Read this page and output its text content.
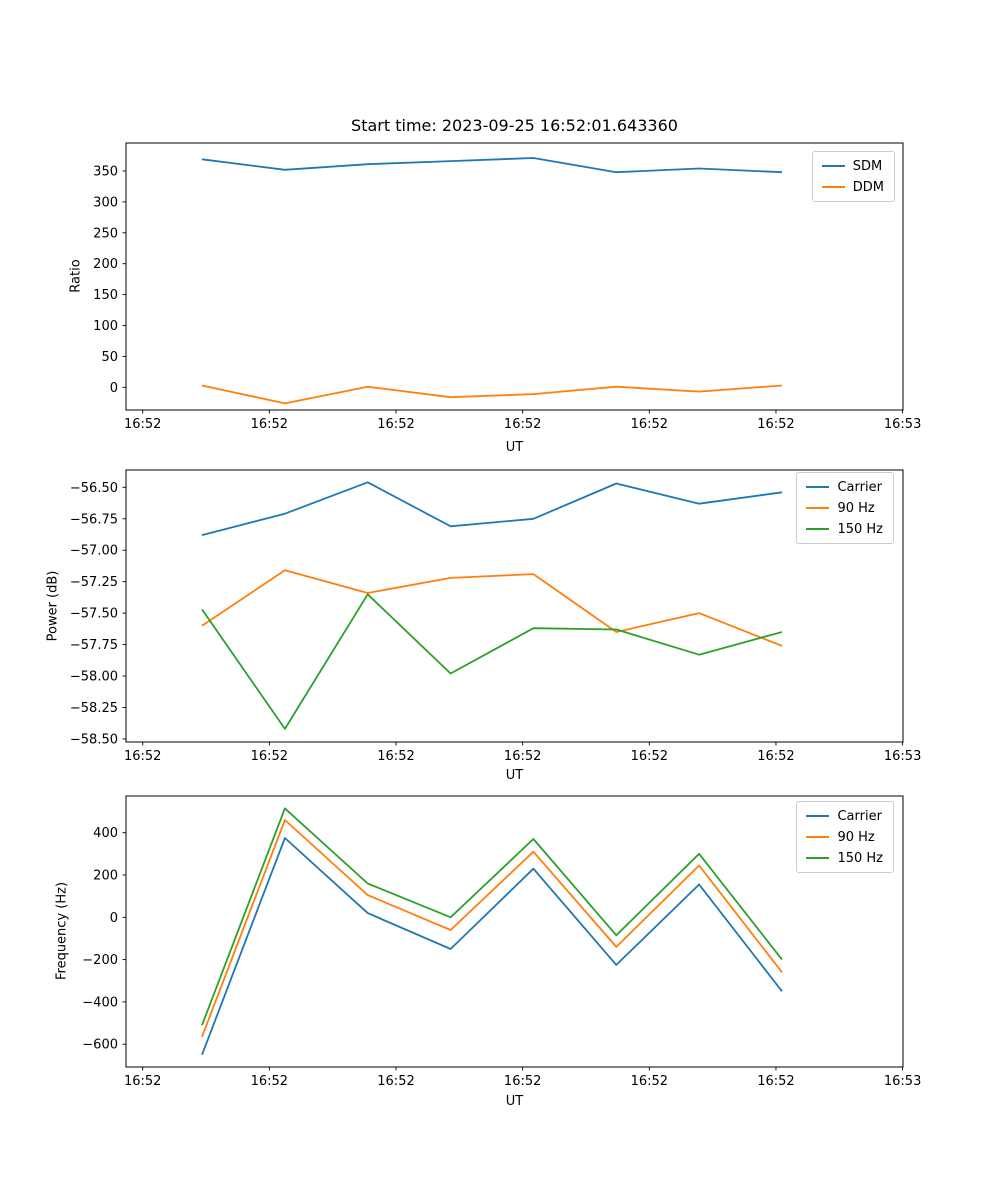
16:52	16:52	16:52	16:52	16:52	16:52	16:53
0
50
100
150
200
250
300
350
16:52	16:52	16:52	16:52	16:52	16:52	16:53
−56.50
−56.75
−57.00
−57.25
−57.50
−57.75
−58.00
−58.25
−58.50
16:52	16:52	16:52	16:52	16:52	16:52	16:53
400
200
0
−200
−400
−600
Start time: 2023-09-25 16:52:01.643360
UT
UT
UT
Ratio
Power (dB)
Frequency (Hz)
SDM
DDM
Carrier
90 Hz
150 Hz
Carrier
90 Hz
150 Hz
